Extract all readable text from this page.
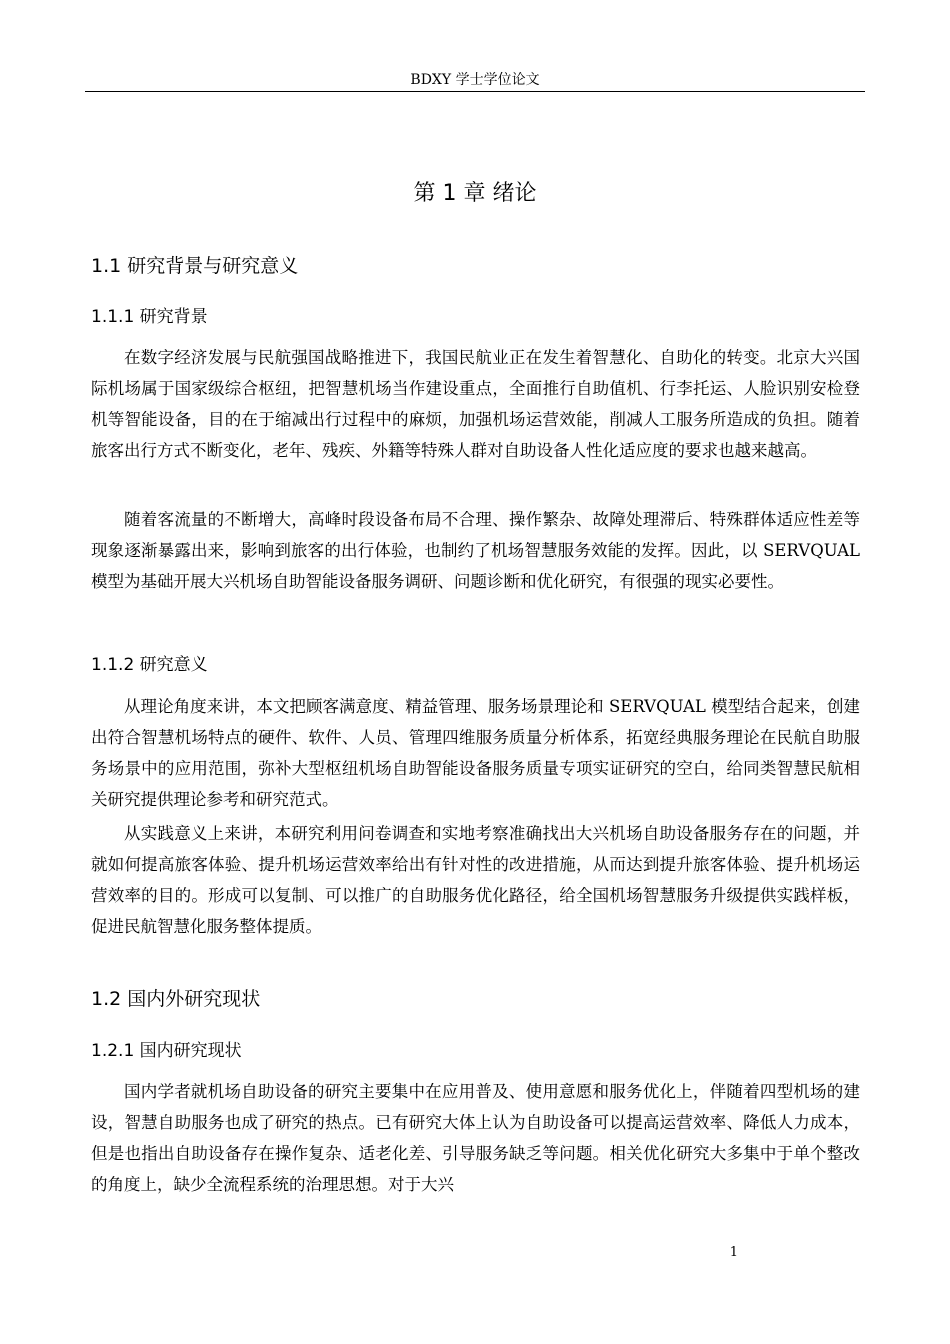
BDXY 学士学位论文
第 1 章 绪论
1.1 研究背景与研究意义
1.1.1 研究背景

在数字经济发展与民航强国战略推进下，我国民航业正在发生着智慧化、自助化的转变。北京大兴国际机场属于国家级综合枢纽，把智慧机场当作建设重点，全面推行自助值机、行李托运、人脸识别安检登机等智能设备，目的在于缩减出行过程中的麻烦，加强机场运营效能，削减人工服务所造成的负担。随着旅客出行方式不断变化，老年、残疾、外籍等特殊人群对自助设备人性化适应度的要求也越来越高。

随着客流量的不断增大，高峰时段设备布局不合理、操作繁杂、故障处理滞后、特殊群体适应性差等现象逐渐暴露出来，影响到旅客的出行体验，也制约了机场智慧服务效能的发挥。因此，以 SERVQUAL 模型为基础开展大兴机场自助智能设备服务调研、问题诊断和优化研究，有很强的现实必要性。

1.1.2 研究意义

从理论角度来讲，本文把顾客满意度、精益管理、服务场景理论和 SERVQUAL 模型结合起来，创建出符合智慧机场特点的硬件、软件、人员、管理四维服务质量分析体系，拓宽经典服务理论在民航自助服务场景中的应用范围，弥补大型枢纽机场自助智能设备服务质量专项实证研究的空白，给同类智慧民航相关研究提供理论参考和研究范式。

从实践意义上来讲，本研究利用问卷调查和实地考察准确找出大兴机场自助设备服务存在的问题，并就如何提高旅客体验、提升机场运营效率给出有针对性的改进措施，从而达到提升旅客体验、提升机场运营效率的目的。形成可以复制、可以推广的自助服务优化路径，给全国机场智慧服务升级提供实践样板，促进民航智慧化服务整体提质。

1.2 国内外研究现状
1.2.1 国内研究现状

国内学者就机场自助设备的研究主要集中在应用普及、使用意愿和服务优化上，伴随着四型机场的建设，智慧自助服务也成了研究的热点。已有研究大体上认为自助设备可以提高运营效率、降低人力成本，但是也指出自助设备存在操作复杂、适老化差、引导服务缺乏等问题。相关优化研究大多集中于单个整改的角度上，缺少全流程系统的治理思想。对于大兴

1
